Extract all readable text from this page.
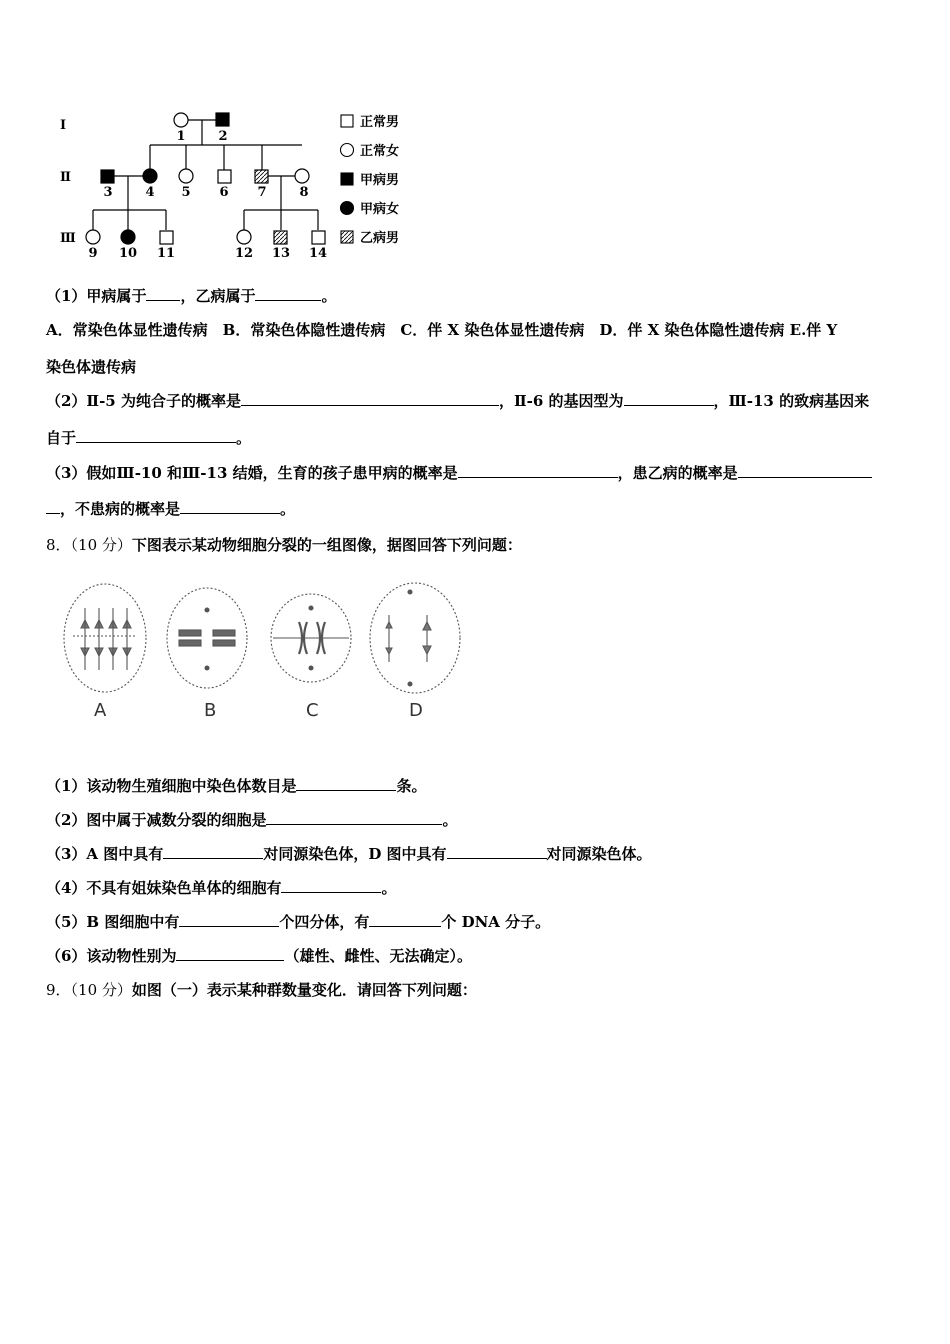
Ⅰ
Ⅱ
Ⅲ
1	2
3	4 5 6 7	8
9 10 11	12 13 14
正常男
正常女
甲病男
甲病女
乙病男
（1）甲病属于 ，乙病属于	。
A．常染色体显性遗传病　B．常染色体隐性遗传病　C．伴 X 染色体显性遗传病　D．伴 X 染色体隐性遗传病 E.伴 Y
染色体遗传病
（2）Ⅱ-5 为纯合子的概率是	，Ⅱ-6 的基因型为	，Ⅲ-13 的致病基因来
自于	。
（3）假如Ⅲ-10 和Ⅲ-13 结婚，生育的孩子患甲病的概率是	，患乙病的概率是
，不患病的概率是	。
8．（10 分）下图表示某动物细胞分裂的一组图像，据图回答下列问题：
A	B	C	D
（1）该动物生殖细胞中染色体数目是	条。
（2）图中属于减数分裂的细胞是	。
（3）A 图中具有	对同源染色体，D 图中具有	对同源染色体。
（4）不具有姐妹染色单体的细胞有	。
（5）B 图细胞中有	个四分体，有	个 DNA 分子。
（6）该动物性别为	（雄性、雌性、无法确定）。
9．（10 分）如图（一）表示某种群数量变化．请回答下列问题：
